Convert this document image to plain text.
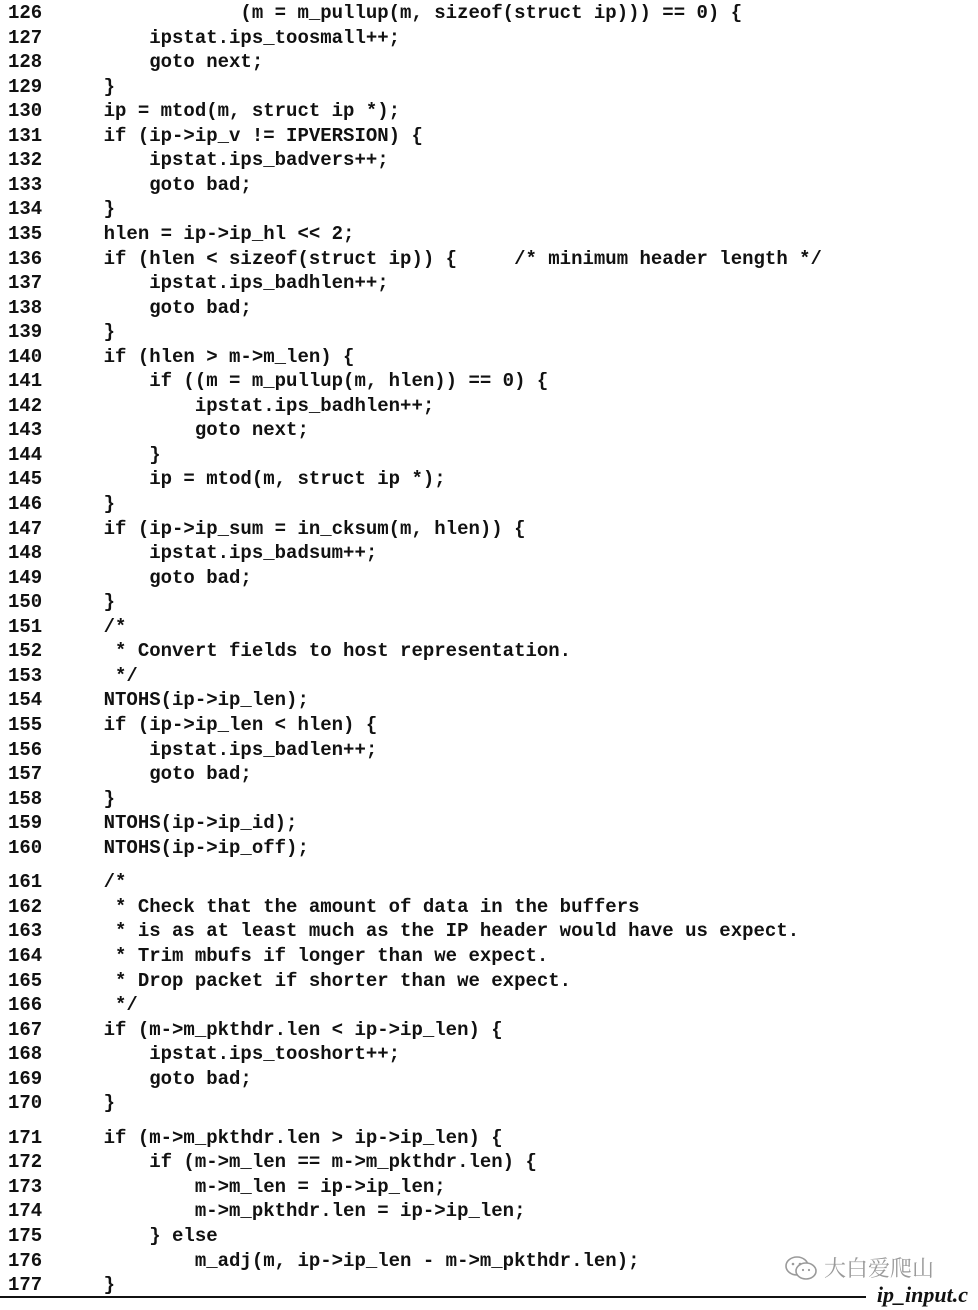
126 (m = m_pullup(m, sizeof(struct ip))) == 0) {
127 ipstat.ips_toosmall++;
128 goto next;
129 }
130 ip = mtod(m, struct ip *);
131 if (ip->ip_v != IPVERSION) {
132 ipstat.ips_badvers++;
133 goto bad;
134 }
135 hlen = ip->ip_hl << 2;
136 if (hlen < sizeof(struct ip)) {     /* minimum header length */
137 ipstat.ips_badhlen++;
138 goto bad;
139 }
140 if (hlen > m->m_len) {
141 if ((m = m_pullup(m, hlen)) == 0) {
142 ipstat.ips_badhlen++;
143 goto next;
144 }
145 ip = mtod(m, struct ip *);
146 }
147 if (ip->ip_sum = in_cksum(m, hlen)) {
148 ipstat.ips_badsum++;
149 goto bad;
150 }
151 /*
152 * Convert fields to host representation.
153 */
154 NTOHS(ip->ip_len);
155 if (ip->ip_len < hlen) {
156 ipstat.ips_badlen++;
157 goto bad;
158 }
159 NTOHS(ip->ip_id);
160 NTOHS(ip->ip_off);
161 /*
162 * Check that the amount of data in the buffers
163 * is as at least much as the IP header would have us expect.
164 * Trim mbufs if longer than we expect.
165 * Drop packet if shorter than we expect.
166 */
167 if (m->m_pkthdr.len < ip->ip_len) {
168 ipstat.ips_tooshort++;
169 goto bad;
170 }
171 if (m->m_pkthdr.len > ip->ip_len) {
172 if (m->m_len == m->m_pkthdr.len) {
173 m->m_len = ip->ip_len;
174 m->m_pkthdr.len = ip->ip_len;
175 } else
176 m_adj(m, ip->ip_len - m->m_pkthdr.len);
177 }	ip_input.c
大白爱爬山
